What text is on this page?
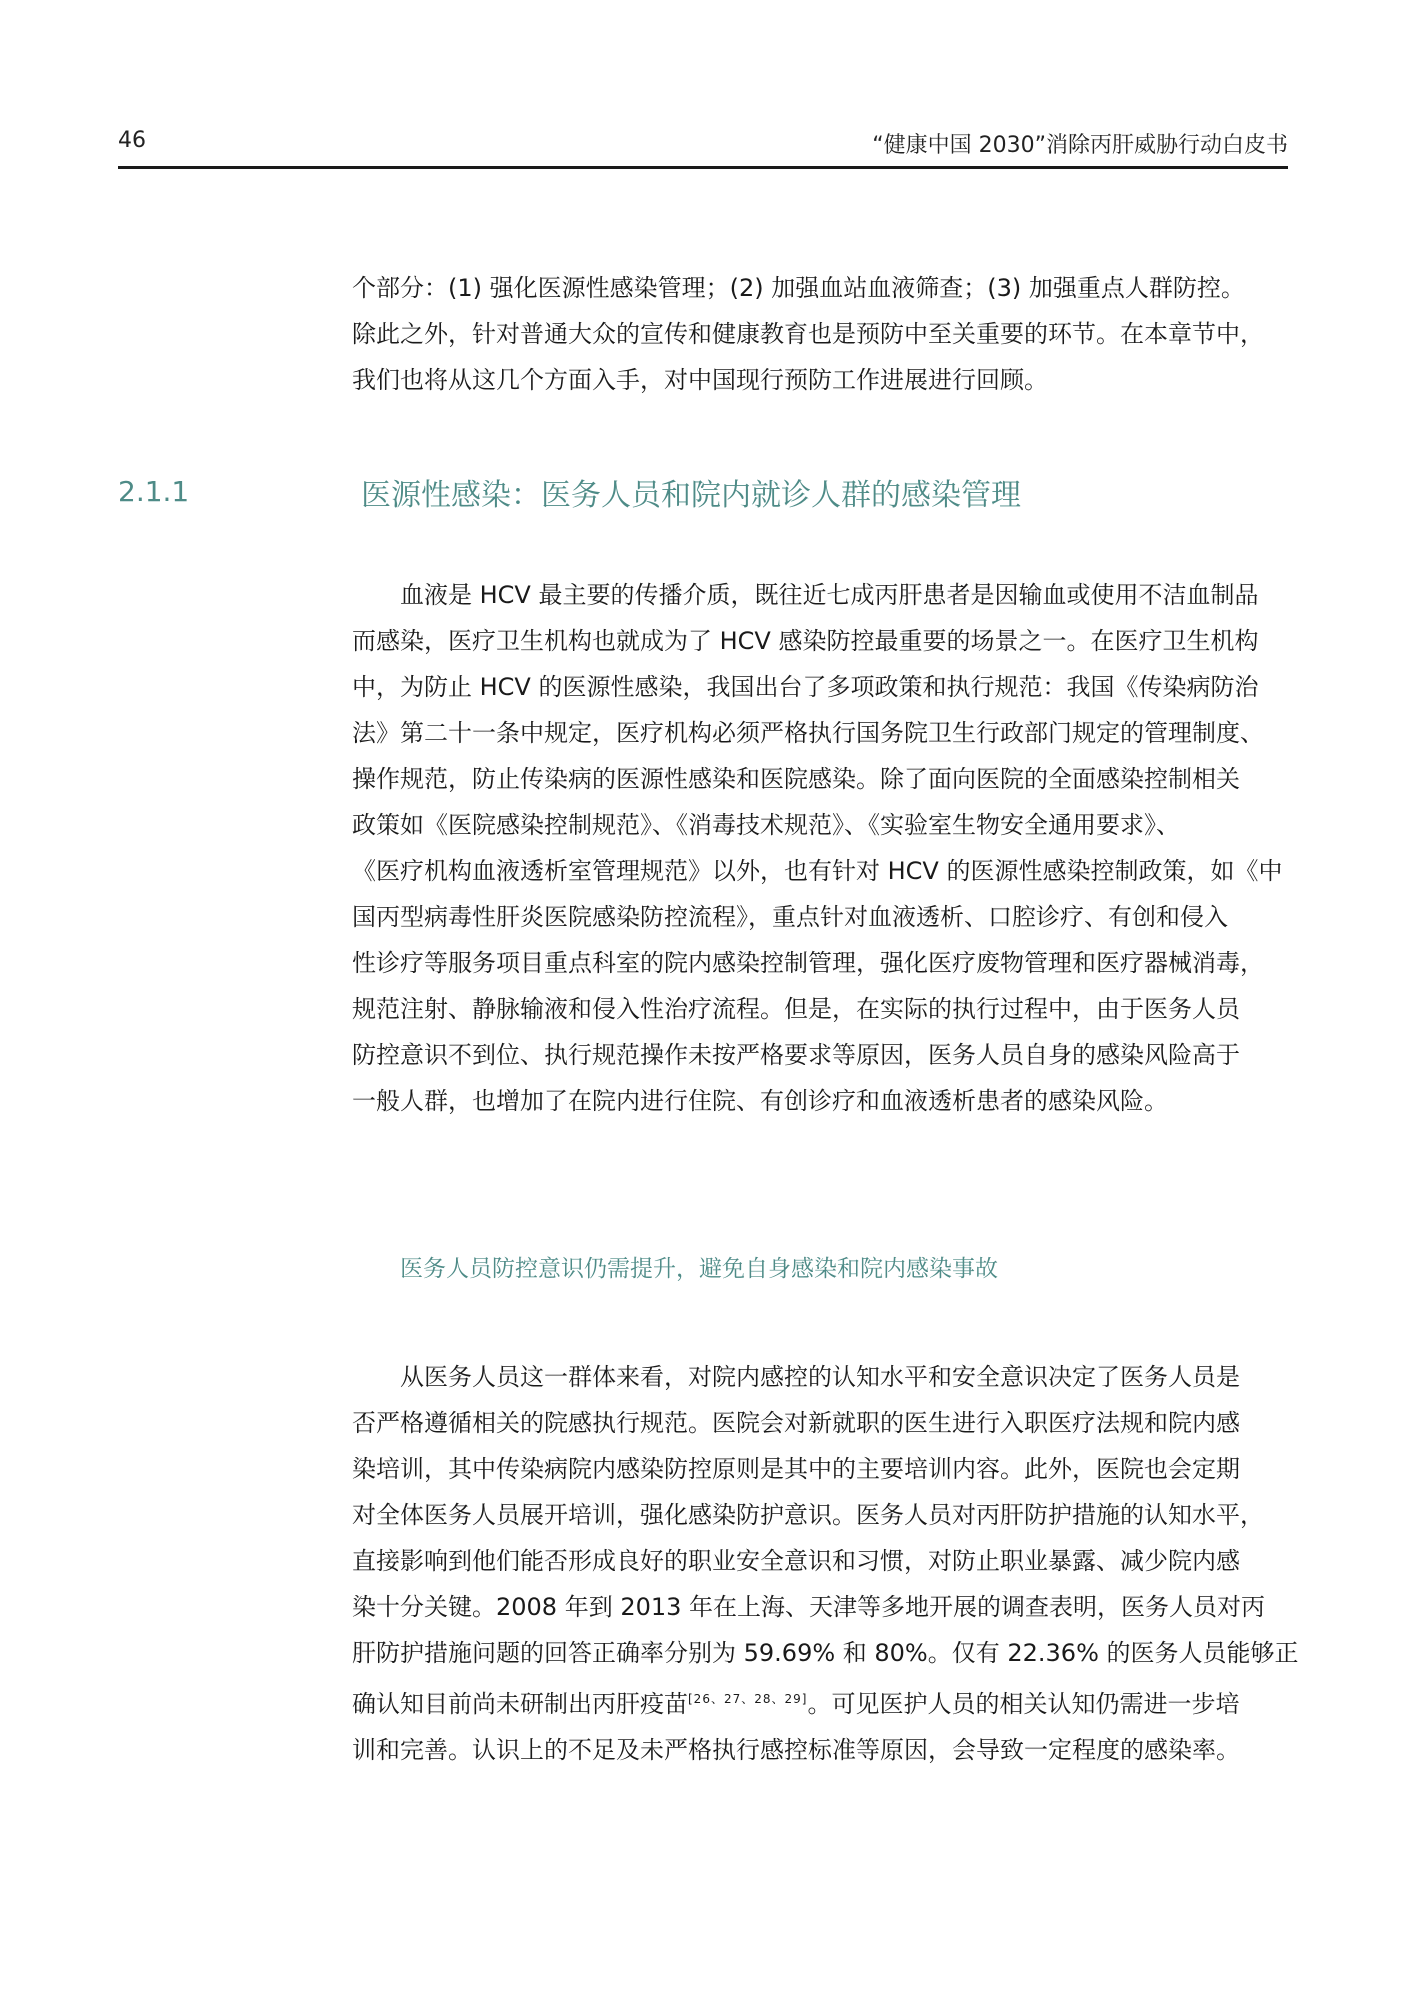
46	“健康中国 2030”消除丙肝威胁行动白皮书
个部分：(1) 强化医源性感染管理；(2) 加强血站血液筛查；(3) 加强重点人群防控。
除此之外，针对普通大众的宣传和健康教育也是预防中至关重要的环节。在本章节中，
我们也将从这几个方面入手，对中国现行预防工作进展进行回顾。
2.1.1	医源性感染：医务人员和院内就诊人群的感染管理
血液是 HCV 最主要的传播介质，既往近七成丙肝患者是因输血或使用不洁血制品
而感染，医疗卫生机构也就成为了 HCV 感染防控最重要的场景之一。在医疗卫生机构
中，为防止 HCV 的医源性感染，我国出台了多项政策和执行规范：我国《传染病防治
法》第二十一条中规定，医疗机构必须严格执行国务院卫生行政部门规定的管理制度、
操作规范，防止传染病的医源性感染和医院感染。除了面向医院的全面感染控制相关
政策如《医院感染控制规范》、《消毒技术规范》、《实验室生物安全通用要求》、
《医疗机构血液透析室管理规范》以外，也有针对 HCV 的医源性感染控制政策，如《中
国丙型病毒性肝炎医院感染防控流程》，重点针对血液透析、口腔诊疗、有创和侵入
性诊疗等服务项目重点科室的院内感染控制管理，强化医疗废物管理和医疗器械消毒，
规范注射、静脉输液和侵入性治疗流程。但是，在实际的执行过程中，由于医务人员
防控意识不到位、执行规范操作未按严格要求等原因，医务人员自身的感染风险高于
一般人群，也增加了在院内进行住院、有创诊疗和血液透析患者的感染风险。
医务人员防控意识仍需提升，避免自身感染和院内感染事故
从医务人员这一群体来看，对院内感控的认知水平和安全意识决定了医务人员是
否严格遵循相关的院感执行规范。医院会对新就职的医生进行入职医疗法规和院内感
染培训，其中传染病院内感染防控原则是其中的主要培训内容。此外，医院也会定期
对全体医务人员展开培训，强化感染防护意识。医务人员对丙肝防护措施的认知水平，
直接影响到他们能否形成良好的职业安全意识和习惯，对防止职业暴露、减少院内感
染十分关键。2008 年到 2013 年在上海、天津等多地开展的调查表明，医务人员对丙
肝防护措施问题的回答正确率分别为 59.69% 和 80%。仅有 22.36% 的医务人员能够正
确认知目前尚未研制出丙肝疫苗[26、27、28、29]。可见医护人员的相关认知仍需进一步培
训和完善。认识上的不足及未严格执行感控标准等原因，会导致一定程度的感染率。
